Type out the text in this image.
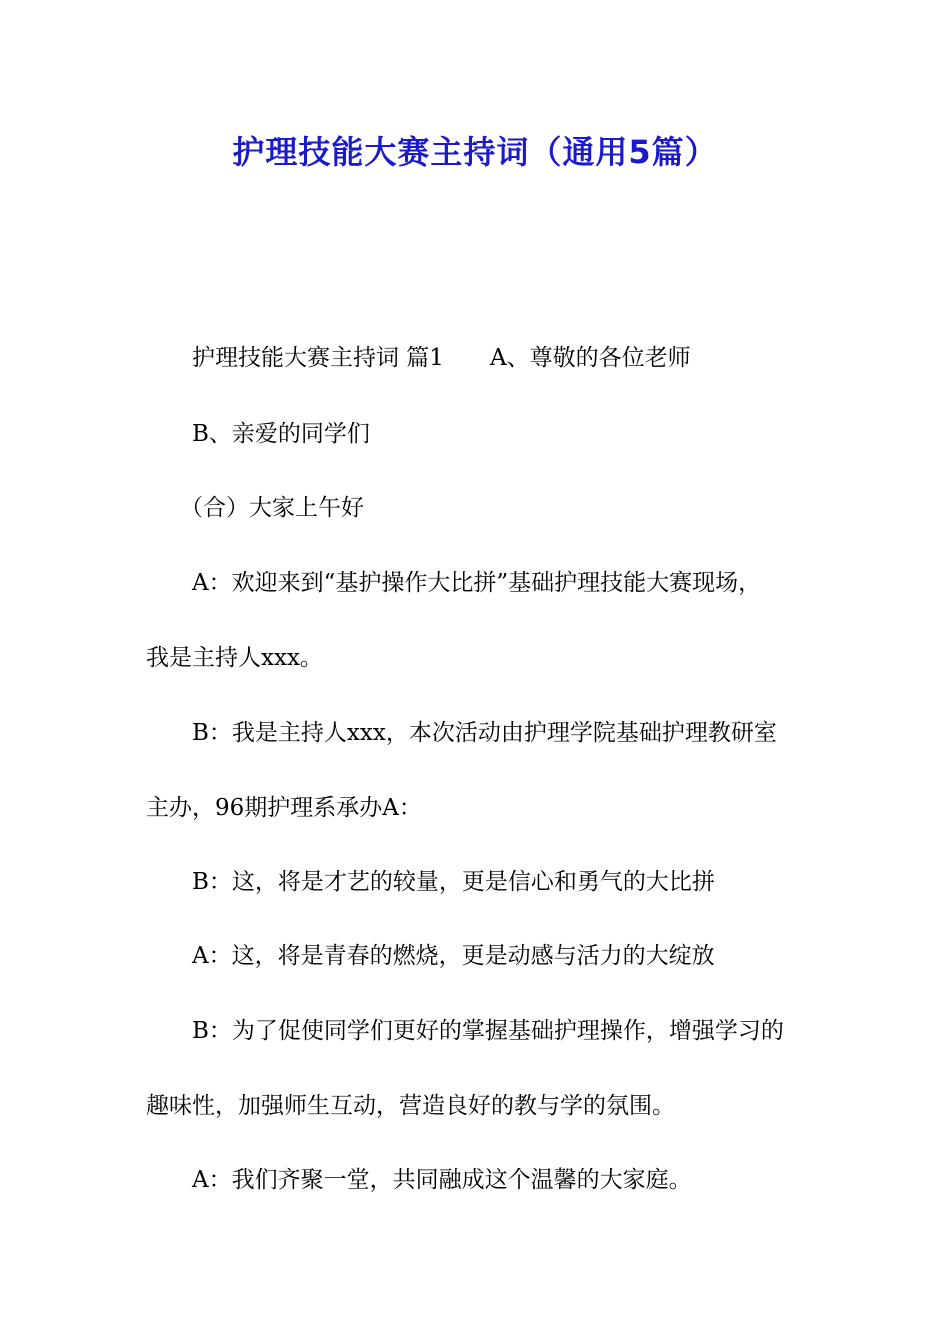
护理技能大赛主持词（通用5篇）

护理技能大赛主持词 篇1 A、尊敬的各位老师

B、亲爱的同学们

（合）大家上午好

A：欢迎来到“基护操作大比拼”基础护理技能大赛现场，

我是主持人xxx。

B：我是主持人xxx，本次活动由护理学院基础护理教研室

主办，96期护理系承办A：

B：这，将是才艺的较量，更是信心和勇气的大比拼

A：这，将是青春的燃烧，更是动感与活力的大绽放

B：为了促使同学们更好的掌握基础护理操作，增强学习的

趣味性，加强师生互动，营造良好的教与学的氛围。

A：我们齐聚一堂，共同融成这个温馨的大家庭。
